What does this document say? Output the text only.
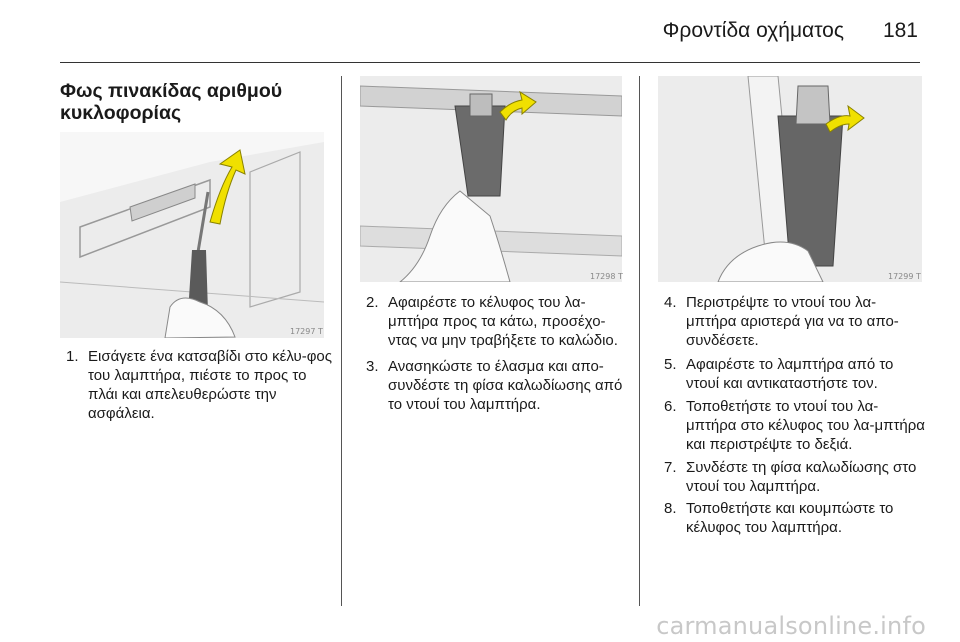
Φροντίδα οχήματος 181
Φως πινακίδας αριθμού κυκλοφορίας
17297 T
17298 T	17299 T
1. Εισάγετε ένα κατσαβίδι στο κέλυ-φος του λαμπτήρα, πιέστε το προς το πλάι και απελευθερώστε την ασφάλεια.
2. Αφαιρέστε το κέλυφος του λα-μπτήρα προς τα κάτω, προσέχο-ντας να μην τραβήξετε το καλώδιο.
3. Ανασηκώστε το έλασμα και απο-συνδέστε τη φίσα καλωδίωσης από το ντουί του λαμπτήρα.
4. Περιστρέψτε το ντουί του λα-μπτήρα αριστερά για να το απο-συνδέσετε.
5. Αφαιρέστε το λαμπτήρα από το ντουί και αντικαταστήστε τον.
6. Τοποθετήστε το ντουί του λα-μπτήρα στο κέλυφος του λα-μπτήρα και περιστρέψτε το δεξιά.
7. Συνδέστε τη φίσα καλωδίωσης στο ντουί του λαμπτήρα.
8. Τοποθετήστε και κουμπώστε το κέλυφος του λαμπτήρα.
carmanualsonline.info
